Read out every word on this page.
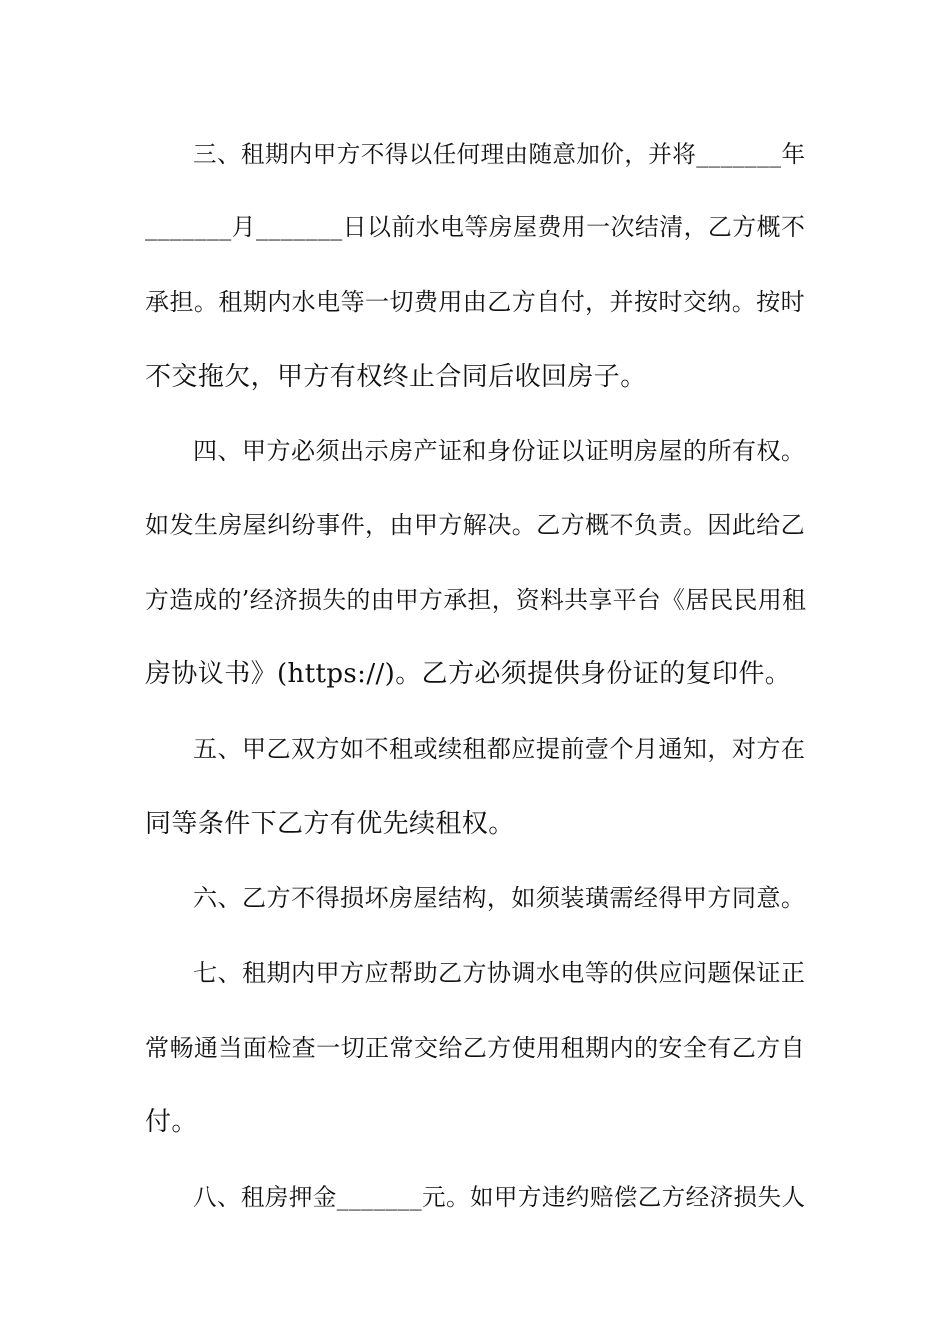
三、租期内甲方不得以任何理由随意加价，并将_______年
_______月_______日以前水电等房屋费用一次结清，乙方概不
承担。租期内水电等一切费用由乙方自付，并按时交纳。按时
不交拖欠，甲方有权终止合同后收回房子。
四、甲方必须出示房产证和身份证以证明房屋的所有权。
如发生房屋纠纷事件，由甲方解决。乙方概不负责。因此给乙
方造成的’经济损失的由甲方承担，资料共享平台《居民民用租
房协议书》(https://)。乙方必须提供身份证的复印件。
五、甲乙双方如不租或续租都应提前壹个月通知，对方在
同等条件下乙方有优先续租权。
六、乙方不得损坏房屋结构，如须装璜需经得甲方同意。
七、租期内甲方应帮助乙方协调水电等的供应问题保证正
常畅通当面检查一切正常交给乙方使用租期内的安全有乙方自
付。
八、租房押金_______元。如甲方违约赔偿乙方经济损失人
